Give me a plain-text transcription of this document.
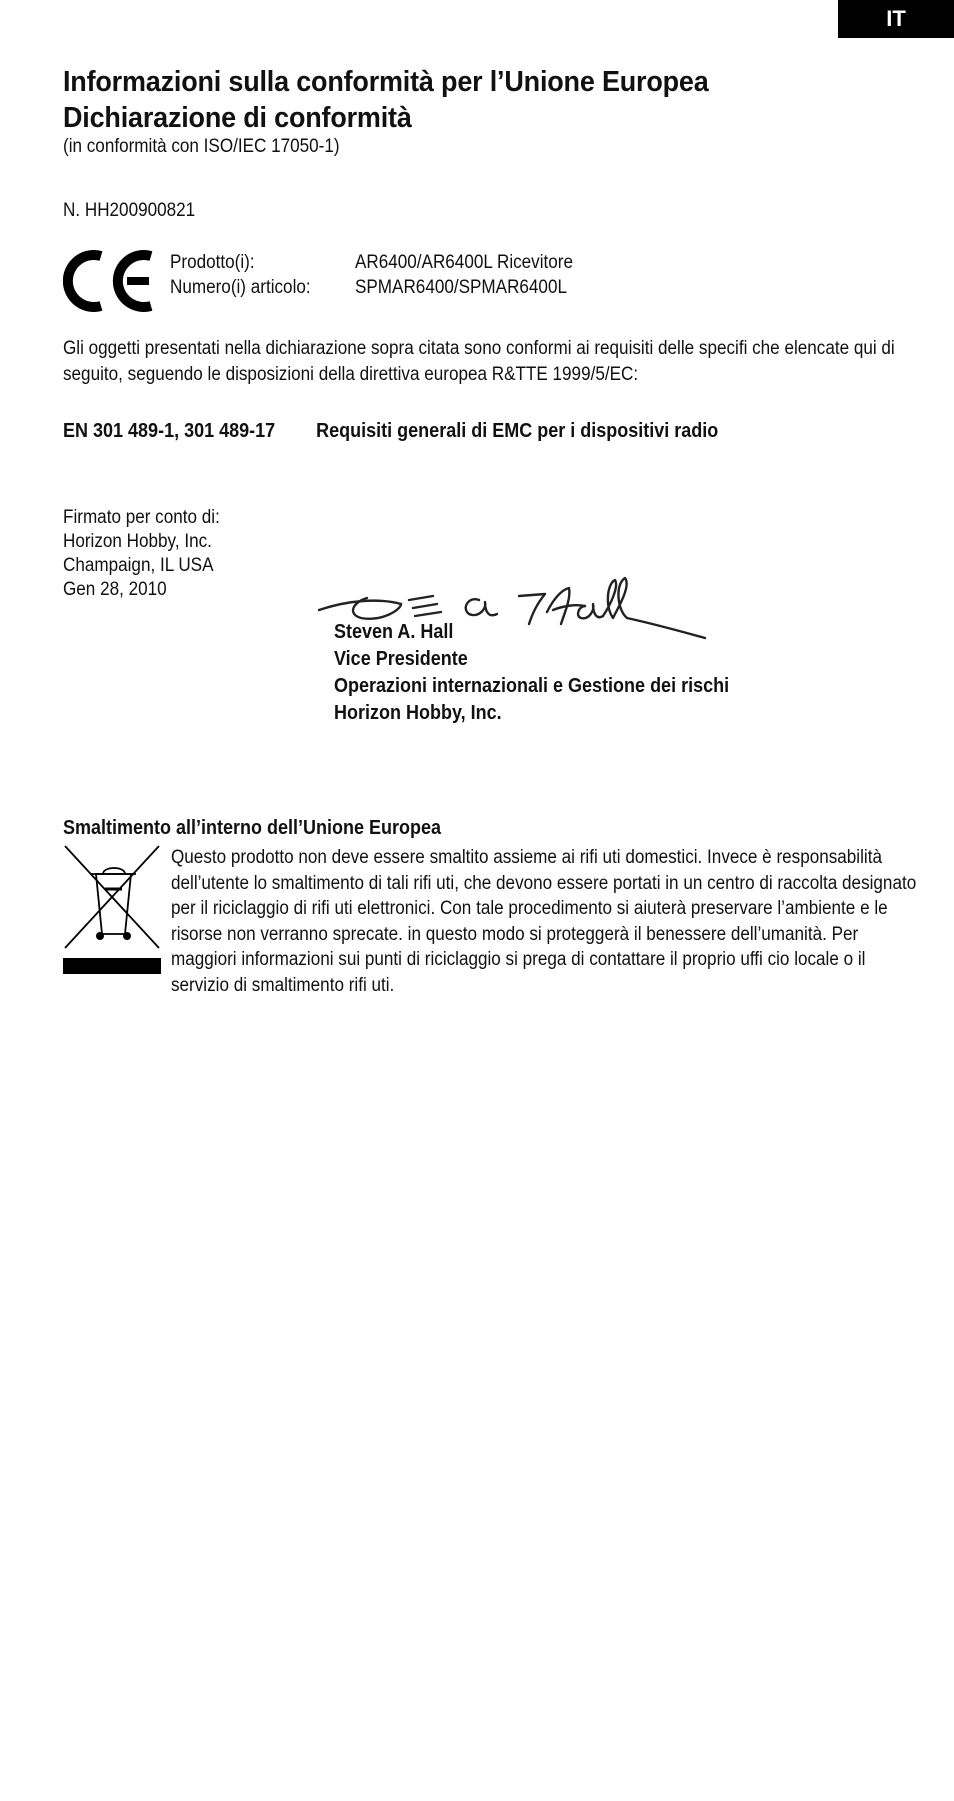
IT
Informazioni sulla conformità per l’Unione Europea
Dichiarazione di conformità
(in conformità con ISO/IEC 17050-1)
N. HH200900821
Prodotto(i):	AR6400/AR6400L Ricevitore
Numero(i) articolo: SPMAR6400/SPMAR6400L
Gli oggetti presentati nella dichiarazione sopra citata sono conformi ai requisiti delle specifi che elencate qui di seguito, seguendo le disposizioni della direttiva europea R&TTE 1999/5/EC:
EN 301 489-1, 301 489-17 Requisiti generali di EMC per i dispositivi radio
Firmato per conto di:
Horizon Hobby, Inc.
Champaign, IL USA
Gen 28, 2010
Steven A. Hall
Vice Presidente
Operazioni internazionali e Gestione dei rischi
Horizon Hobby, Inc.
Smaltimento all’interno dell’Unione Europea
Questo prodotto non deve essere smaltito assieme ai rifi uti domestici. Invece è responsabilità dell’utente lo smaltimento di tali rifi uti, che devono essere portati in un centro di raccolta designato per il riciclaggio di rifi uti elettronici. Con tale procedimento si aiuterà preservare l’ambiente e le risorse non verranno sprecate. in questo modo si proteggerà il benessere dell’umanità. Per maggiori informazioni sui punti di riciclaggio si prega di contattare il proprio uffi cio locale o il servizio di smaltimento rifi uti.
